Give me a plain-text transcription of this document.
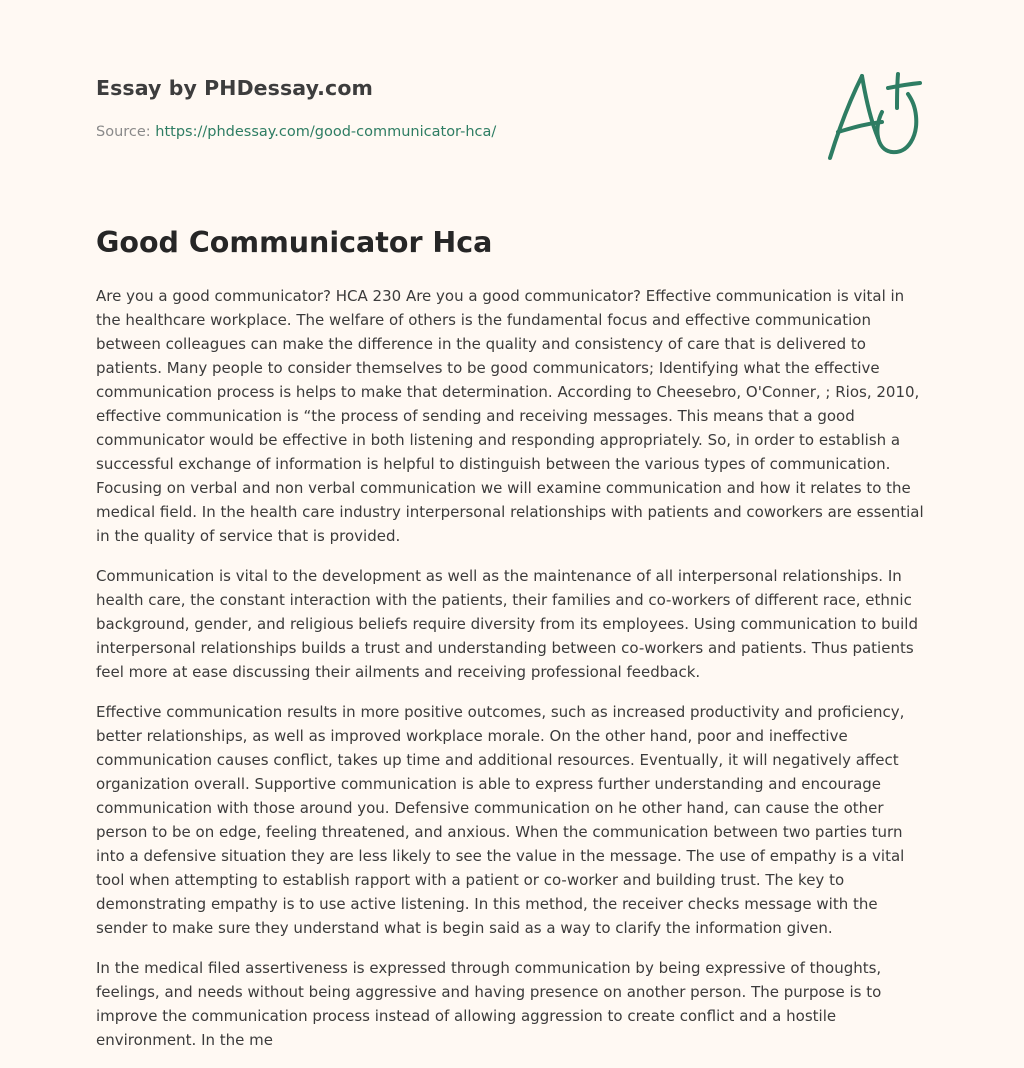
Essay by PHDessay.com

Source: https://phdessay.com/good-communicator-hca/

Good Communicator Hca

Are you a good communicator? HCA 230 Are you a good communicator? Effective communication is vital in the healthcare workplace. The welfare of others is the fundamental focus and effective communication between colleagues can make the difference in the quality and consistency of care that is delivered to patients. Many people to consider themselves to be good communicators; Identifying what the effective communication process is helps to make that determination. According to Cheesebro, O'Conner, ; Rios, 2010, effective communication is “the process of sending and receiving messages. This means that a good communicator would be effective in both listening and responding appropriately. So, in order to establish a successful exchange of information is helpful to distinguish between the various types of communication. Focusing on verbal and non verbal communication we will examine communication and how it relates to the medical field. In the health care industry interpersonal relationships with patients and coworkers are essential in the quality of service that is provided.

Communication is vital to the development as well as the maintenance of all interpersonal relationships. In health care, the constant interaction with the patients, their families and co-workers of different race, ethnic background, gender, and religious beliefs require diversity from its employees. Using communication to build interpersonal relationships builds a trust and understanding between co-workers and patients. Thus patients feel more at ease discussing their ailments and receiving professional feedback.

Effective communication results in more positive outcomes, such as increased productivity and proficiency, better relationships, as well as improved workplace morale. On the other hand, poor and ineffective communication causes conflict, takes up time and additional resources. Eventually, it will negatively affect organization overall. Supportive communication is able to express further understanding and encourage communication with those around you. Defensive communication on he other hand, can cause the other person to be on edge, feeling threatened, and anxious. When the communication between two parties turn into a defensive situation they are less likely to see the value in the message. The use of empathy is a vital tool when attempting to establish rapport with a patient or co-worker and building trust. The key to demonstrating empathy is to use active listening. In this method, the receiver checks message with the sender to make sure they understand what is begin said as a way to clarify the information given.

In the medical filed assertiveness is expressed through communication by being expressive of thoughts, feelings, and needs without being aggressive and having presence on another person. The purpose is to improve the communication process instead of allowing aggression to create conflict and a hostile environment. In the me
